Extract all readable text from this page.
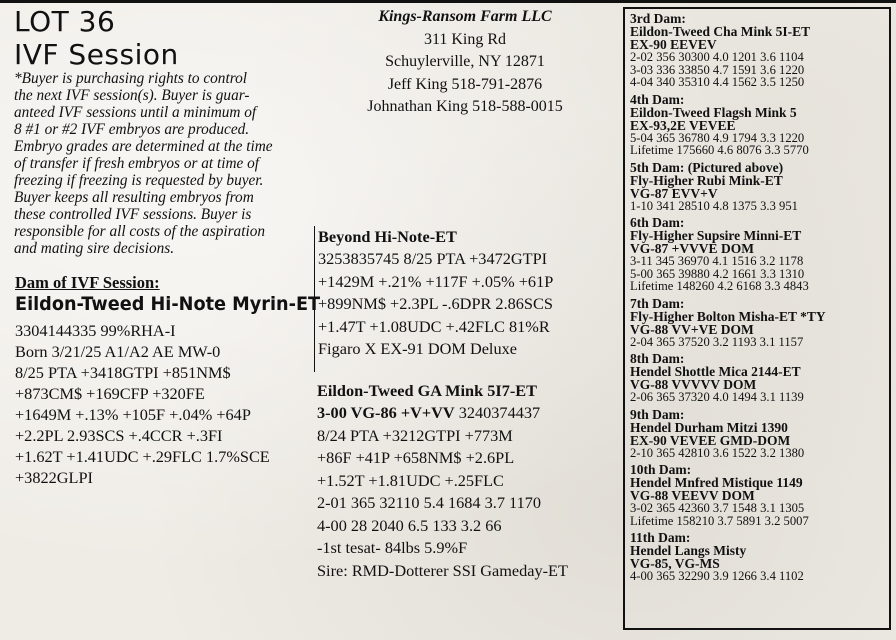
LOT 36
IVF Session
*Buyer is purchasing rights to control
the next IVF session(s). Buyer is guar-
anteed IVF sessions until a minimum of
8 #1 or #2 IVF embryos are produced.
Embryo grades are determined at the time
of transfer if fresh embryos or at time of
freezing if freezing is requested by buyer.
Buyer keeps all resulting embryos from
these controlled IVF sessions. Buyer is
responsible for all costs of the aspiration
and mating sire decisions.
Dam of IVF Session:
Eildon-Tweed Hi-Note Myrin-ET
3304144335 99%RHA-I
Born 3/21/25 A1/A2 AE MW-0
8/25 PTA +3418GTPI +851NM$
+873CM$ +169CFP +320FE
+1649M +.13% +105F +.04% +64P
+2.2PL 2.93SCS +.4CCR +.3FI
+1.62T +1.41UDC +.29FLC 1.7%SCE
+3822GLPI
Kings-Ransom Farm LLC
311 King Rd
Schuylerville, NY 12871
Jeff King 518-791-2876
Johnathan King 518-588-0015
Beyond Hi-Note-ET
3253835745 8/25 PTA +3472GTPI
+1429M +.21% +117F +.05% +61P
+899NM$ +2.3PL -.6DPR 2.86SCS
+1.47T +1.08UDC +.42FLC 81%R
Figaro X EX-91 DOM Deluxe
Eildon-Tweed GA Mink 5I7-ET
3-00 VG-86 +V+VV 3240374437
8/24 PTA +3212GTPI +773M
+86F +41P +658NM$ +2.6PL
+1.52T +1.81UDC +.25FLC
2-01 365 32110 5.4 1684 3.7 1170
4-00 28 2040 6.5 133 3.2 66
-1st tesat- 84lbs 5.9%F
Sire: RMD-Dotterer SSI Gameday-ET
3rd Dam:
Eildon-Tweed Cha Mink 5I-ET
EX-90 EEVEV
2-02 356 30300 4.0 1201 3.6 1104
3-03 336 33850 4.7 1591 3.6 1220
4-04 340 35310 4.4 1562 3.5 1250
4th Dam:
Eildon-Tweed Flagsh Mink 5
EX-93,2E VEVEE
5-04 365 36780 4.9 1794 3.3 1220
Lifetime 175660 4.6 8076 3.3 5770
5th Dam: (Pictured above)
Fly-Higher Rubi Mink-ET
VG-87 EVV+V
1-10 341 28510 4.8 1375 3.3 951
6th Dam:
Fly-Higher Supsire Minni-ET
VG-87 +VVVE DOM
3-11 345 36970 4.1 1516 3.2 1178
5-00 365 39880 4.2 1661 3.3 1310
Lifetime 148260 4.2 6168 3.3 4843
7th Dam:
Fly-Higher Bolton Misha-ET *TY
VG-88 VV+VE DOM
2-04 365 37520 3.2 1193 3.1 1157
8th Dam:
Hendel Shottle Mica 2144-ET
VG-88 VVVVV DOM
2-06 365 37320 4.0 1494 3.1 1139
9th Dam:
Hendel Durham Mitzi 1390
EX-90 VEVEE GMD-DOM
2-10 365 42810 3.6 1522 3.2 1380
10th Dam:
Hendel Mnfred Mistique 1149
VG-88 VEEVV DOM
3-02 365 42360 3.7 1548 3.1 1305
Lifetime 158210 3.7 5891 3.2 5007
11th Dam:
Hendel Langs Misty
VG-85, VG-MS
4-00 365 32290 3.9 1266 3.4 1102
